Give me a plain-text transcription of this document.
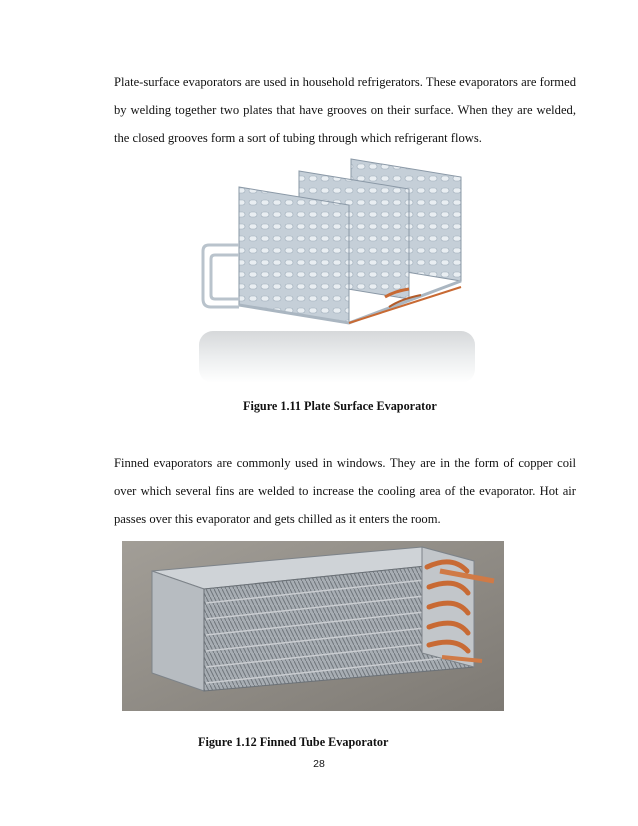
Plate-surface evaporators are used in household refrigerators. These evaporators are formed by welding together two plates that have grooves on their surface. When they are welded, the closed grooves form a sort of tubing through which refrigerant flows.

Figure 1.11 Plate Surface Evaporator

Finned evaporators are commonly used in windows. They are in the form of copper coil over which several fins are welded to increase the cooling area of the evaporator. Hot air passes over this evaporator and gets chilled as it enters the room.

Figure 1.12 Finned Tube Evaporator

28
